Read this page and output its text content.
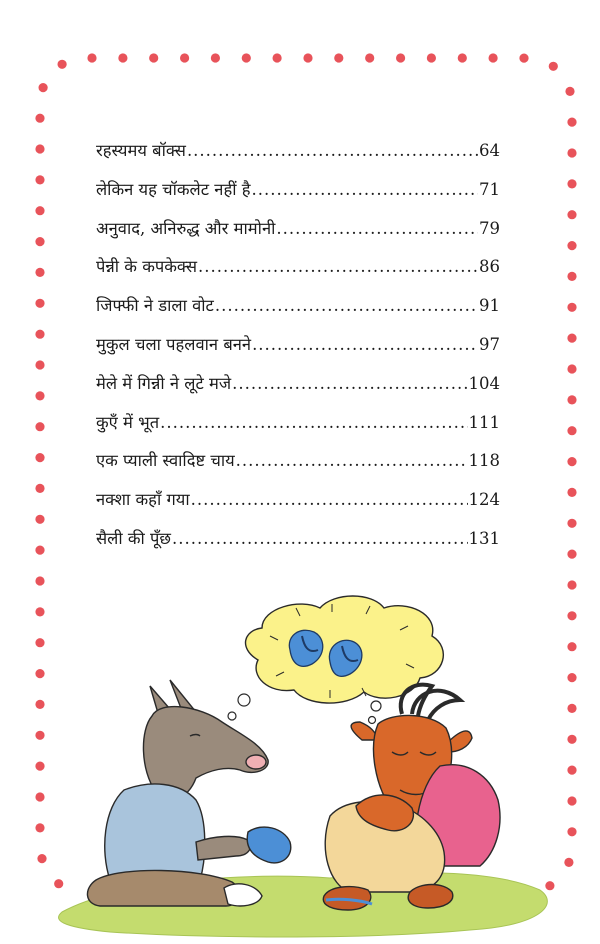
रहस्यमय बॉक्स .....	64
लेकिन यह चॉकलेट नहीं है .....	71
अनुवाद, अनिरुद्ध और मामोनी .....	79
पेन्नी के कपकेक्स .....	86
जिफ्फी ने डाला वोट .....	91
मुकुल चला पहलवान बनने .....	97
मेले में गिन्नी ने लूटे मजे .....	104
कुएँ में भूत .....	111
एक प्याली स्वादिष्ट चाय .....	118
नक्शा कहाँ गया .....	124
सैली की पूँछ .....	131
